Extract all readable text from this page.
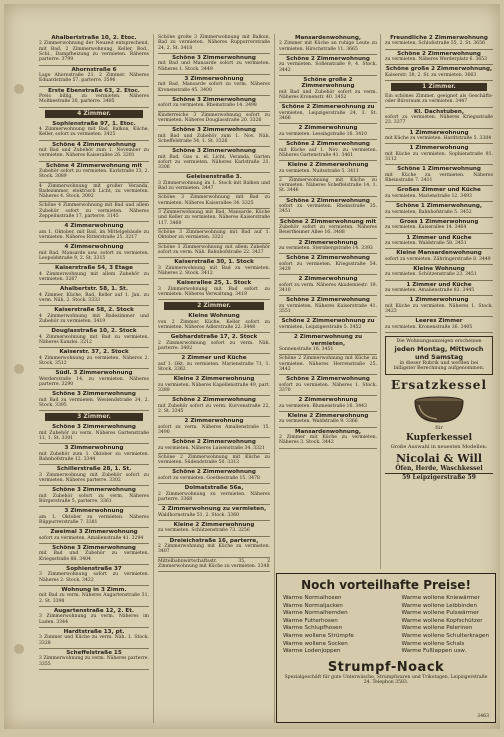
Ahalbertstraße 10, 2. Etoc.
2 Zimmerwohnung der Neuzeit entsprechend, mit Bad, 2 Zimmerwohnung, Keller, Bod., Schl., Dampfheizung zu vermieten. Räheres parterre. 3799
Ahornstraße 6
Lage Ahornstraße 21, 2 Zimmer. Näheres Eduardstraße 57, parterre. 3596
Erste Ebenstraße 63, 2. Etoc.
Preis billig, zu vermieten. Näheres Moltkestraße 30, parterre. 3485
4 Zimmer.
Sophienstraße 97, 1. Etoc.
4 Zimmerwohnung mit Bad, Balkon, Küche, Keller, sofort zu vermieten. 3425
Schöne 4 Zimmerwohnung
mit Bad und Zubehör zum 1. November zu vermieten. Näheres Kaiserallee 26. 3201
Schöne 4 Zimmerwohnung mit
Zubehör sofort zu vermieten. Karlstraße 33, 2. Stock. 3089
4 Zimmerwohnung mit großer Veranda, Badezimmer, elektrisch Licht, zu vermieten. Näheres 4. Stock. 3092
Schöne 4 Zimmerwohnung mit Bad und allem Zubehör sofort zu vermieten. Näheres Zeppelinstraße 17, parterre. 3145
4 Zimmerwohnung
am 1. Oktober, mit Bad, im Mittelgebäude zu vermieten. Näheres Ritterstraße 25. 3217
4 Zimmerwohnung
mit Bad, Mansarde usw. sofort zu vermieten. Leopoldstraße 9, 2. St. 3315
Kaiserstraße 54, 3 Etage
4 Zimmerwohnung mit allem Zubehör zu vermieten. 3267
Ahalbertstr. 58, 1. St.
4 Zimmer, Küche, Bad, Keller auf 1. Jan. zu verm. Näh. 2. Stock. 3333
Kaiserstraße 58, 2. Stock
4 Zimmerwohnung mit Badezimmer und Zubehör zu vermieten. 3419
Douglasstraße 10, 2. Stock
4 Zimmerwohnung mit Bad zu vermieten. Näheres Kanzlei. 3212
Kaiserstr. 37, 2. Stock
4 Zimmerwohnung zu vermieten. Näheres 2. Stock. 3512
Südl. 3 Zimmerwohnung
Werderstraße 14, zu vermieten. Näheres parterre. 3290
Schöne 3 Zimmerwohnung
mit Bad zu vermieten. Westendstraße 34, 2. Stock. 3395
3 Zimmer.
Schöne 3 Zimmerwohnung
mit Zubehör zu verm. Näheres Gartenstraße 11, 1. St. 3301
3 Zimmerwohnung
mit Zubehör zum 1. Oktober zu vermieten. Bahnhofstraße 12. 3344
Schillerstraße 28, 1. St.
3 Zimmerwohnung mit Zubehör sofort zu vermieten. Näheres parterre. 3302
Schöne 3 Zimmerwohnung
mit Zubehör sofort zu verm. Näheres Bürgerstraße 5, parterre. 3361
3 Zimmerwohnung
am 1. Oktober zu vermieten. Näheres Rüppurrerstraße 7. 3381
Zweimal 3 Zimmerwohnung
sofort zu vermieten. Amalienstraße 41. 3294
Schöne 3 Zimmerwohnung
mit Bad und Zubehör zu vermieten. Kriegsstraße 88. 3404
Sophienstraße 37
3 Zimmerwohnung sofort zu vermieten. Näheres 2. Stock. 3422
Wohnung in 3 Zimm.
mit Bad zu verm. Näheres Augartenstraße 31, 2. St. 3398
Augartenstraße 12, 2. Et.
3 Zimmerwohnung zu verm. Näheres im Laden. 3344
Hardtstraße 13, pt.
3 Zimmer und Küche zu verm. Näh. 1. Stock. 3328
Scheffelstraße 15
3 Zimmerwohnung zu verm. Näheres parterre. 3355
Schöne große 3 Zimmerwohnung mit Balkon, Bad zu vermieten. Näheres Ruppurrerstraße 24, 2. St. 3418
Schöne 3 Zimmerwohnung
mit Bad und Mansarde sofort zu vermieten. Näheres 1. Stock. 3449
3 Zimmerwohnung
mit Bad, Mansarde sofort zu verm. Näheres Kronenstraße 45. 3400
Schöne 3 Zimmerwohnung
sofort zu vermieten. Rheinstraße 14. 3498
Kinderreiche 3 Zimmerwohnung sofort zu vermieten. Näheres Douglasstraße 20. 3326
Schöne 3 Zimmerwohnung
mit Bad und Zubehör zum 1. Nov. Näh. Scheffelstraße 54, 1. St. 3326
Schöne 3 Zimmerwohnung
mit Bad, Gas u. el. Licht, Veranda, Garten sofort zu vermieten. Näheres Karlstraße 21. 3306
Geleisenstraße 3.
3 Zimmerwohnung im 1. Stock mit Balkon und Bad zu vermieten. 3447
Schöne 3 Zimmerwohnung mit Bad zu vermieten. Näheres Kaiserallee 34. 3325
3 Zimmerwohnung mit Bad, Mansarde, Küche und Keller zu vermieten. Näheres Kaiserstraße 117. 3460
Schöne 3 Zimmerwohnung mit Bad auf 1. Oktober zu vermieten. 3321
Schöne 3 Zimmerwohnung mit allem Zubehör sofort zu verm. Näh. Bahnhofstraße 22. 3427
Kaiserstraße 30, 1. Stock
3 Zimmerwohnung mit Bad zu vermieten. Näheres 2. Stock. 3412
Kaiserallee 25, 1. Stock
3 Zimmerwohnung mit Bad sofort zu vermieten. Näheres Verwaltung. 3419
2 Zimmer.
Kleine Wohnung
von 2 Zimmer, Küche, Keller sofort zu vermieten. Näheres Adlerstraße 22. 3448
Gebhardstraße 17, 2. Stock
2 Zimmerwohnung sofort zu verm. Näh. parterre. 3402
2 Zimmer und Küche
auf 1. Okt. zu vermieten. Marienstraße 71, 1. Stock. 3362
Kleine 2 Zimmerwohnung
zu vermieten. Näheres Kapellenstraße 49, part. 3389
Schöne 2 Zimmerwohnung
mit Zubehör sofort zu verm. Kurvenstraße 22, 2. St. 3345
2 Zimmerwohnung
sofort zu verm. Näheres Amalienstraße 15. 3490
Schöne 2 Zimmerwohnung
zu vermieten. Näheres Luisenstraße 34. 3321
Schöne 2 Zimmerwohnung mit Küche zu vermieten. Südendstraße 50. 3313
Schöne 2 Zimmerwohnung
sofort zu vermieten. Goethestraße 15. 3478
Dolmatstraße 56a,
2 Zimmerwohnung zu vermieten. Näheres parterre. 3368
2 Zimmerwohnung zu vermieten,
Waldhornstraße 51, 2. Stock. 3360
Kleine 2 Zimmerwohnung
zu vermieten. Schützenstraße 73. 3256
Dreieichstraße 16, parterre,
2 Zimmerwohnung mit Küche zu vermieten. 3407
Mittelbahnwirtschaftsstr. 35, 2 Zimmerwohnung mit Küche zu vermieten. 3348
Mansardenwohnung,
2 Zimmer mit Küche an ruhige Leute zu vermieten. Hirschstraße 11. 3665
Schöne 2 Zimmerwohnung
zu vermieten. Sofienstraße 9, 4. Stock. 3442
Schöne große 2 Zimmerwohnung
mit Bad und Zubehör sofort zu verm. Näheres Kronenstr. 40. 3452
Schöne 2 Zimmerwohnung zu
vermieten, Leipzigerstraße 24, 3. St. 3466
2 Zimmerwohnung
zu vermieten. Lessingstraße 16. 3410
Schöne 2 Zimmerwohnung
mit Küche auf 1. Nov. zu vermieten. Näheres Gartenstraße 41. 3461
Kleine 2 Zimmerwohnung
zu vermieten. Nuitsstraße 5. 3411
2 Zimmerwohnung mit Küche zu vermieten. Näheres Scheffelstraße 14, 1. St. 3446
Schöne 2 Zimmerwohnung
sofort zu vermieten. Rheinstraße 35. 3451
Schöne 2 Zimmerwohnung mit
Zubehör sofort zu vermieten. Näheres Beiertheimer Allee 16. 3488
2 Zimmerwohnung
zu vermieten. Sternbergstraße 14. 3393
Schöne 2 Zimmerwohnung
sofort zu vermieten. Kriegsstraße 54. 3429
2 Zimmerwohnung
sofort zu verm. Näheres Akademiestr. 19. 3410
Schöne 2 Zimmerwohnung
zu vermieten. Näheres Kaiserstraße 41. 3551
Schöne 2 Zimmerwohnung zu
vermieten, Leipzigerstraße 5. 3452
2 Zimmerwohnung zu vermieten,
Sonnenstraße 16. 3451
Schöne 2 Zimmerwohnung mit Küche zu vermieten. Näheres Herrenstraße 25. 3442
Schöne 2 Zimmerwohnung
sofort zu vermieten. Näheres 1. Stock. 3370
2 Zimmerwohnung
zu vermieten. Blumenstraße 16. 3443
Kleine 2 Zimmerwohnung
zu vermieten. Waldstraße 9. 3366
Mansardenwohnung,
2 Zimmer mit Küche zu vermieten. Näheres 3. Stock. 3442
Freundliche 2 Zimmerwohnung
zu vermieten, Schloßstraße 55, 2. St. 3656
Schöne 2 Zimmerwohnung
zu vermieten. Näheres Werderplatz 6. 3653
Schöne große 2 Zimmerwohnung,
Kaiserstr. 38, 2. St. zu vermieten. 3663
1 Zimmer.
Ein schönes Zimmer, geeignet als Geschäfts- oder Büroraum zu vermieten. 3447
Kl. Dachstuben,
sofort zu vermieten. Näheres Kriegsstraße 23. 3377
1 Zimmerwohnung
mit Küche zu vermieten. Hardtstraße 5. 3384
1 Zimmerwohnung
mit Küche zu vermieten. Sophienstraße 91. 3112
Schöne 1 Zimmerwohnung
mit Küche zu vermieten. Näheres Rheinstraße 7. 3411
Großes Zimmer und Küche
zu vermieten. Marienstraße 12. 3493
Schöne 1 Zimmerwohnung,
zu vermieten, Bahnhofstraße 5. 3452
Gross 1 Zimmerwohnung
zu vermieten. Kaiserallee 14. 3464
1 Zimmer und Küche
zu vermieten. Waldstraße 58. 3451
Kleine Mansardenwohnung
sofort zu vermieten. Zähringerstraße 8. 3449
Kleine Wohnung
zu vermieten. Schützenstraße 23. 3451
1 Zimmer und Küche
zu vermieten. Amalienstraße 83. 3445
1 Zimmerwohnung
mit Küche zu vermieten. Näheres 1. Stock. 3423
Leeres Zimmer
zu vermieten. Kronenstraße 36. 3405
Die Wohnungsanzeigen erscheinen
jeden Montag, Mittwoch und Samstag
in dieser Rubrik und werden bei billigster Berechnung aufgenommen.
Ersatzkessel
für
Kupferkessel
Große Auswahl in neuesten Modellen.
Nicolai & Will
Öfen, Herde, Waschkessel
59 Leipzigerstraße 59
Noch vorteilhafte Preise!
Warme Normalhosen
Warme Normaljacken
Warme Normalhemden
Warme Futterhosen
Warme Schlupfhosen
Warme wollene Strümpfe
Warme wollene Socken
Warme Lodenjoppen
Warme wollene Kniewärmer
Warme wollene Leibbinden
Warme wollene Pulswärmer
Warme wollene Kopfschützer
Warme wollene Pelerinen
Warme wollene Schulterkragen
Warme wollene Schals
Warme Fußlappen usw.
Strumpf-Noack
Spezialgeschäft für gute Unterwäsche, Strumpfwaren und Trikotagen, Leipzigerstraße 24. Telephon 3583.
3463
